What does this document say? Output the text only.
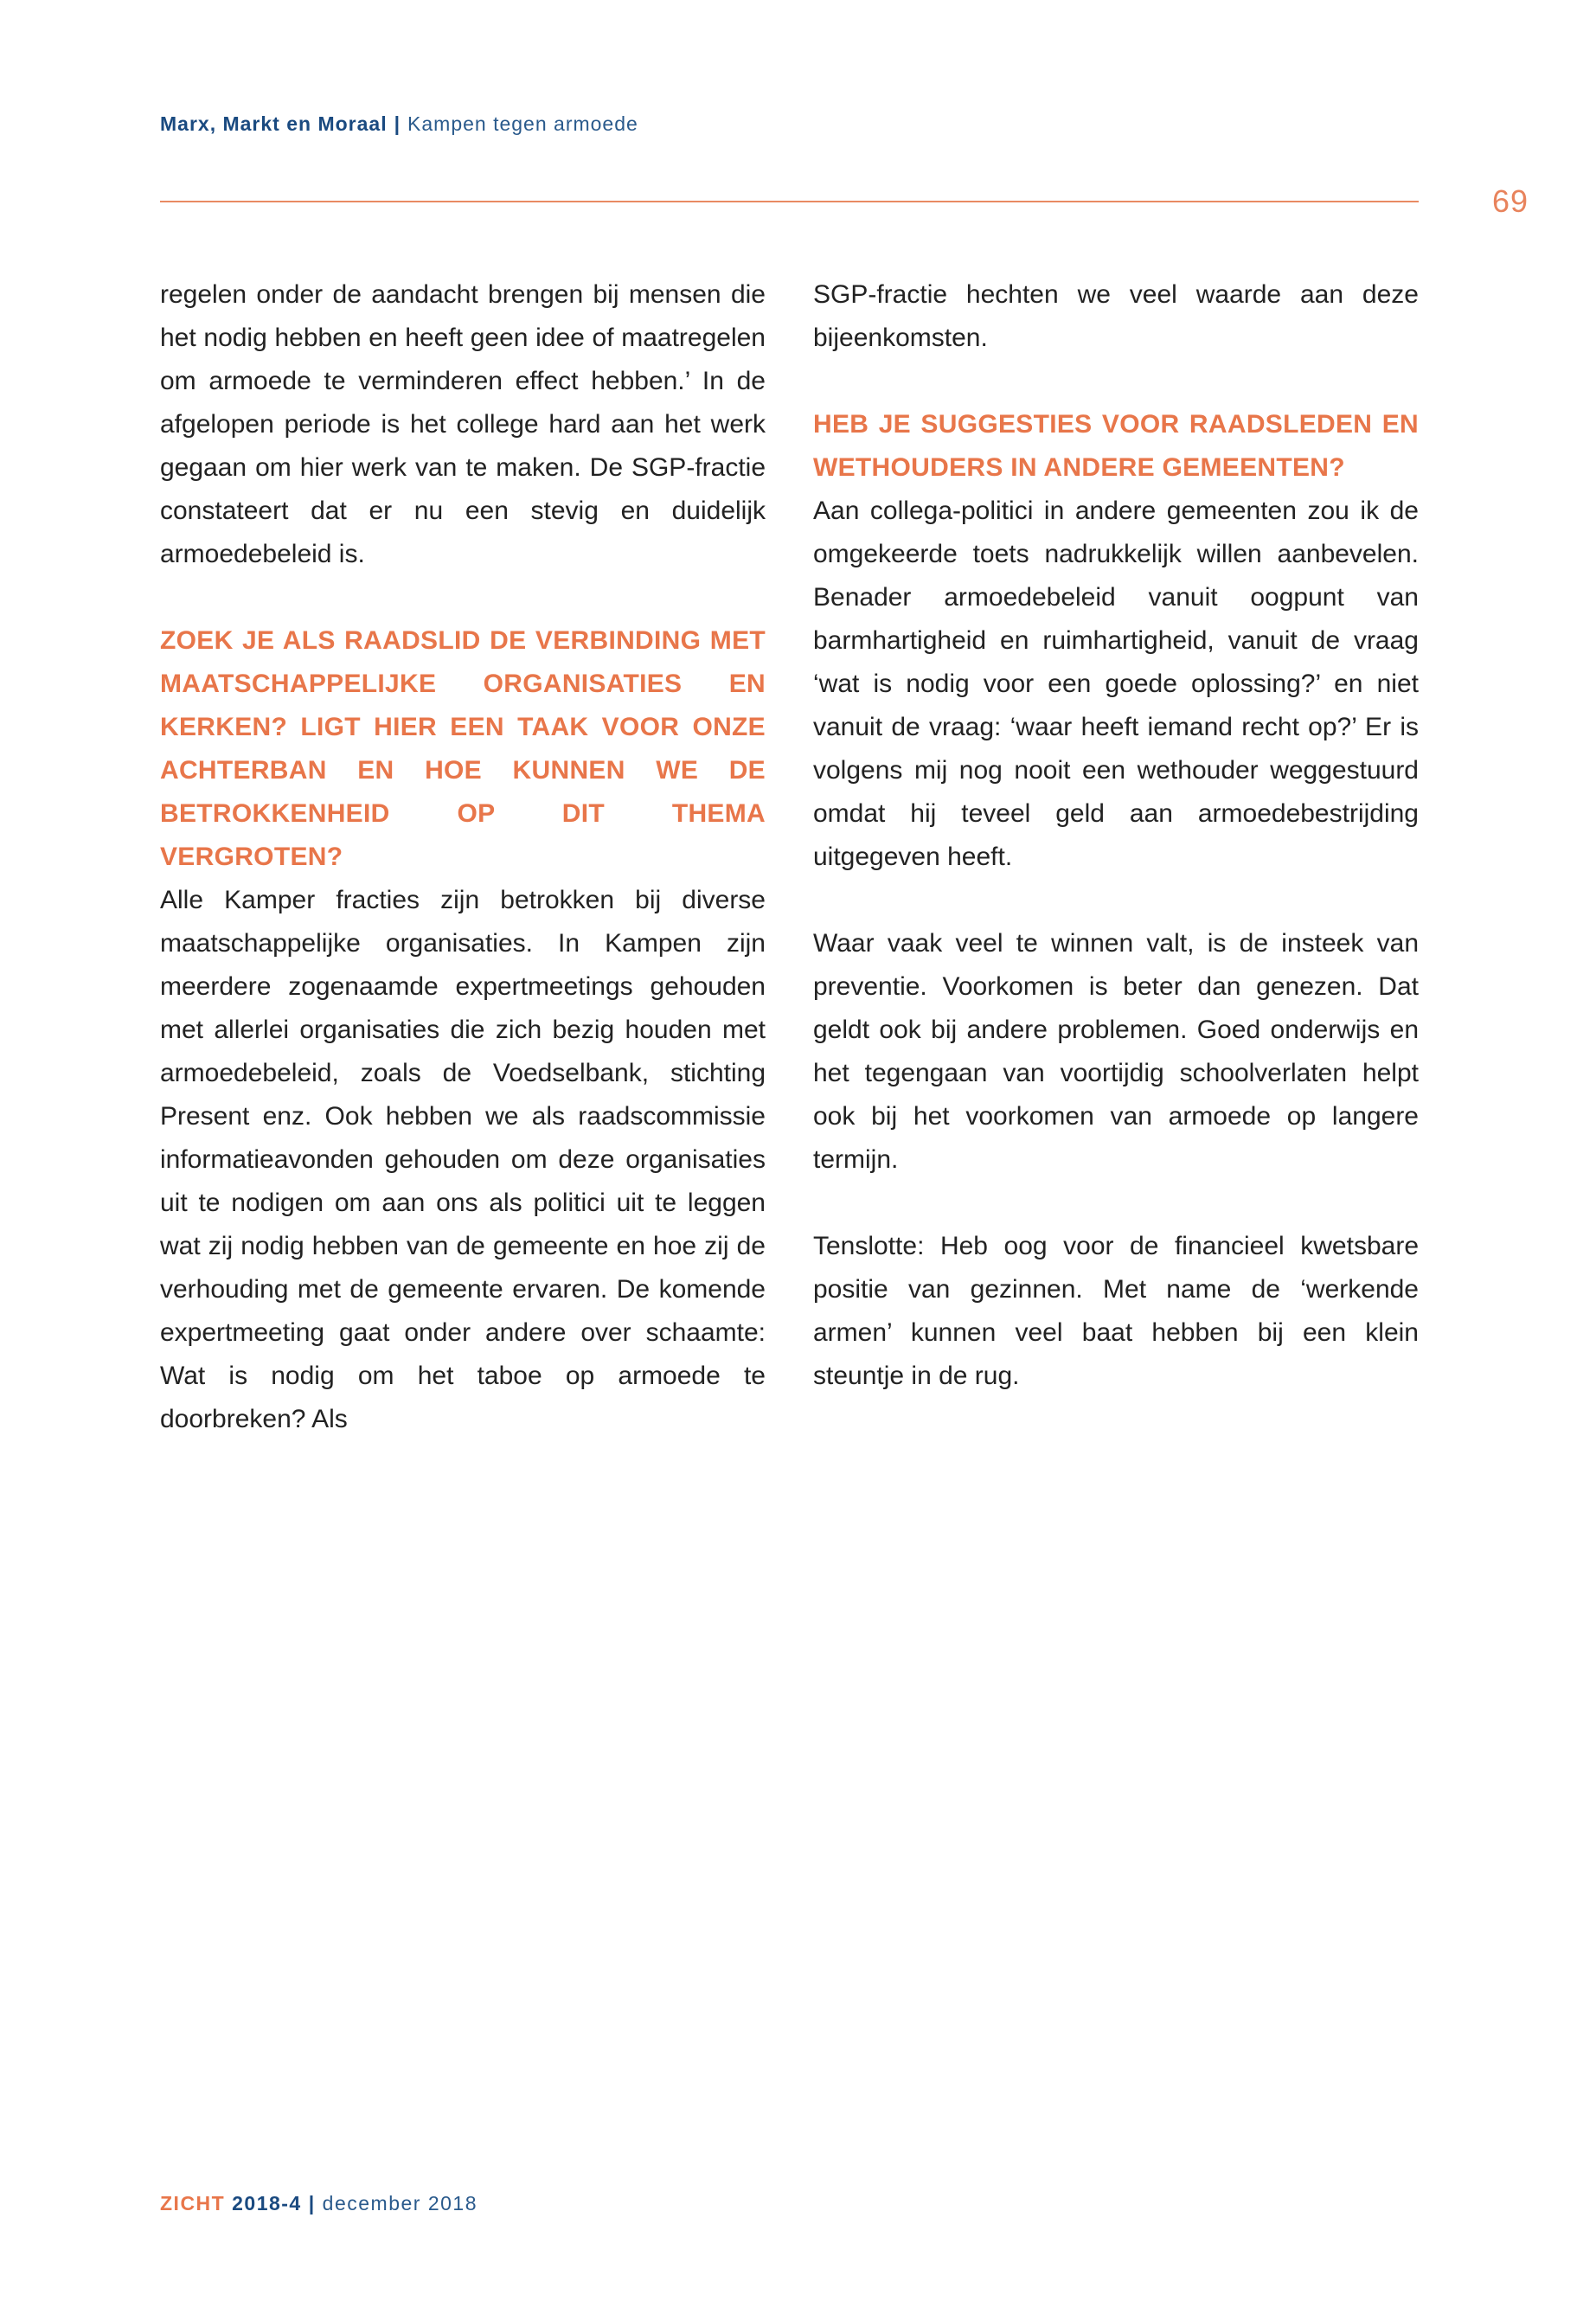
Marx, Markt en Moraal | Kampen tegen armoede
69

regelen onder de aandacht brengen bij mensen die het nodig hebben en heeft geen idee of maatregelen om armoede te verminderen effect hebben.’ In de afgelopen periode is het college hard aan het werk gegaan om hier werk van te maken. De SGP-fractie constateert dat er nu een stevig en duidelijk armoedebeleid is.

ZOEK JE ALS RAADSLID DE VERBINDING MET MAATSCHAPPELIJKE ORGANISATIES EN KERKEN? LIGT HIER EEN TAAK VOOR ONZE ACHTERBAN EN HOE KUNNEN WE DE BETROKKENHEID OP DIT THEMA VERGROTEN?

Alle Kamper fracties zijn betrokken bij diverse maatschappelijke organisaties. In Kampen zijn meerdere zogenaamde expertmeetings gehouden met allerlei organisaties die zich bezig houden met armoedebeleid, zoals de Voedselbank, stichting Present enz. Ook hebben we als raadscommissie informatieavonden gehouden om deze organisaties uit te nodigen om aan ons als politici uit te leggen wat zij nodig hebben van de gemeente en hoe zij de verhouding met de gemeente ervaren. De komende expertmeeting gaat onder andere over schaamte: Wat is nodig om het taboe op armoede te doorbreken? Als

SGP-fractie hechten we veel waarde aan deze bijeenkomsten.

HEB JE SUGGESTIES VOOR RAADSLEDEN EN WETHOUDERS IN ANDERE GEMEENTEN?

Aan collega-politici in andere gemeenten zou ik de omgekeerde toets nadrukkelijk willen aanbevelen. Benader armoedebeleid vanuit oogpunt van barmhartigheid en ruimhartigheid, vanuit de vraag ‘wat is nodig voor een goede oplossing?’ en niet vanuit de vraag: ‘waar heeft iemand recht op?’ Er is volgens mij nog nooit een wethouder weggestuurd omdat hij teveel geld aan armoedebestrijding uitgegeven heeft.

Waar vaak veel te winnen valt, is de insteek van preventie. Voorkomen is beter dan genezen. Dat geldt ook bij andere problemen. Goed onderwijs en het tegengaan van voortijdig schoolverlaten helpt ook bij het voorkomen van armoede op langere termijn.

Tenslotte: Heb oog voor de financieel kwetsbare positie van gezinnen. Met name de ‘werkende armen’ kunnen veel baat hebben bij een klein steuntje in de rug.

ZICHT 2018-4 | december 2018
